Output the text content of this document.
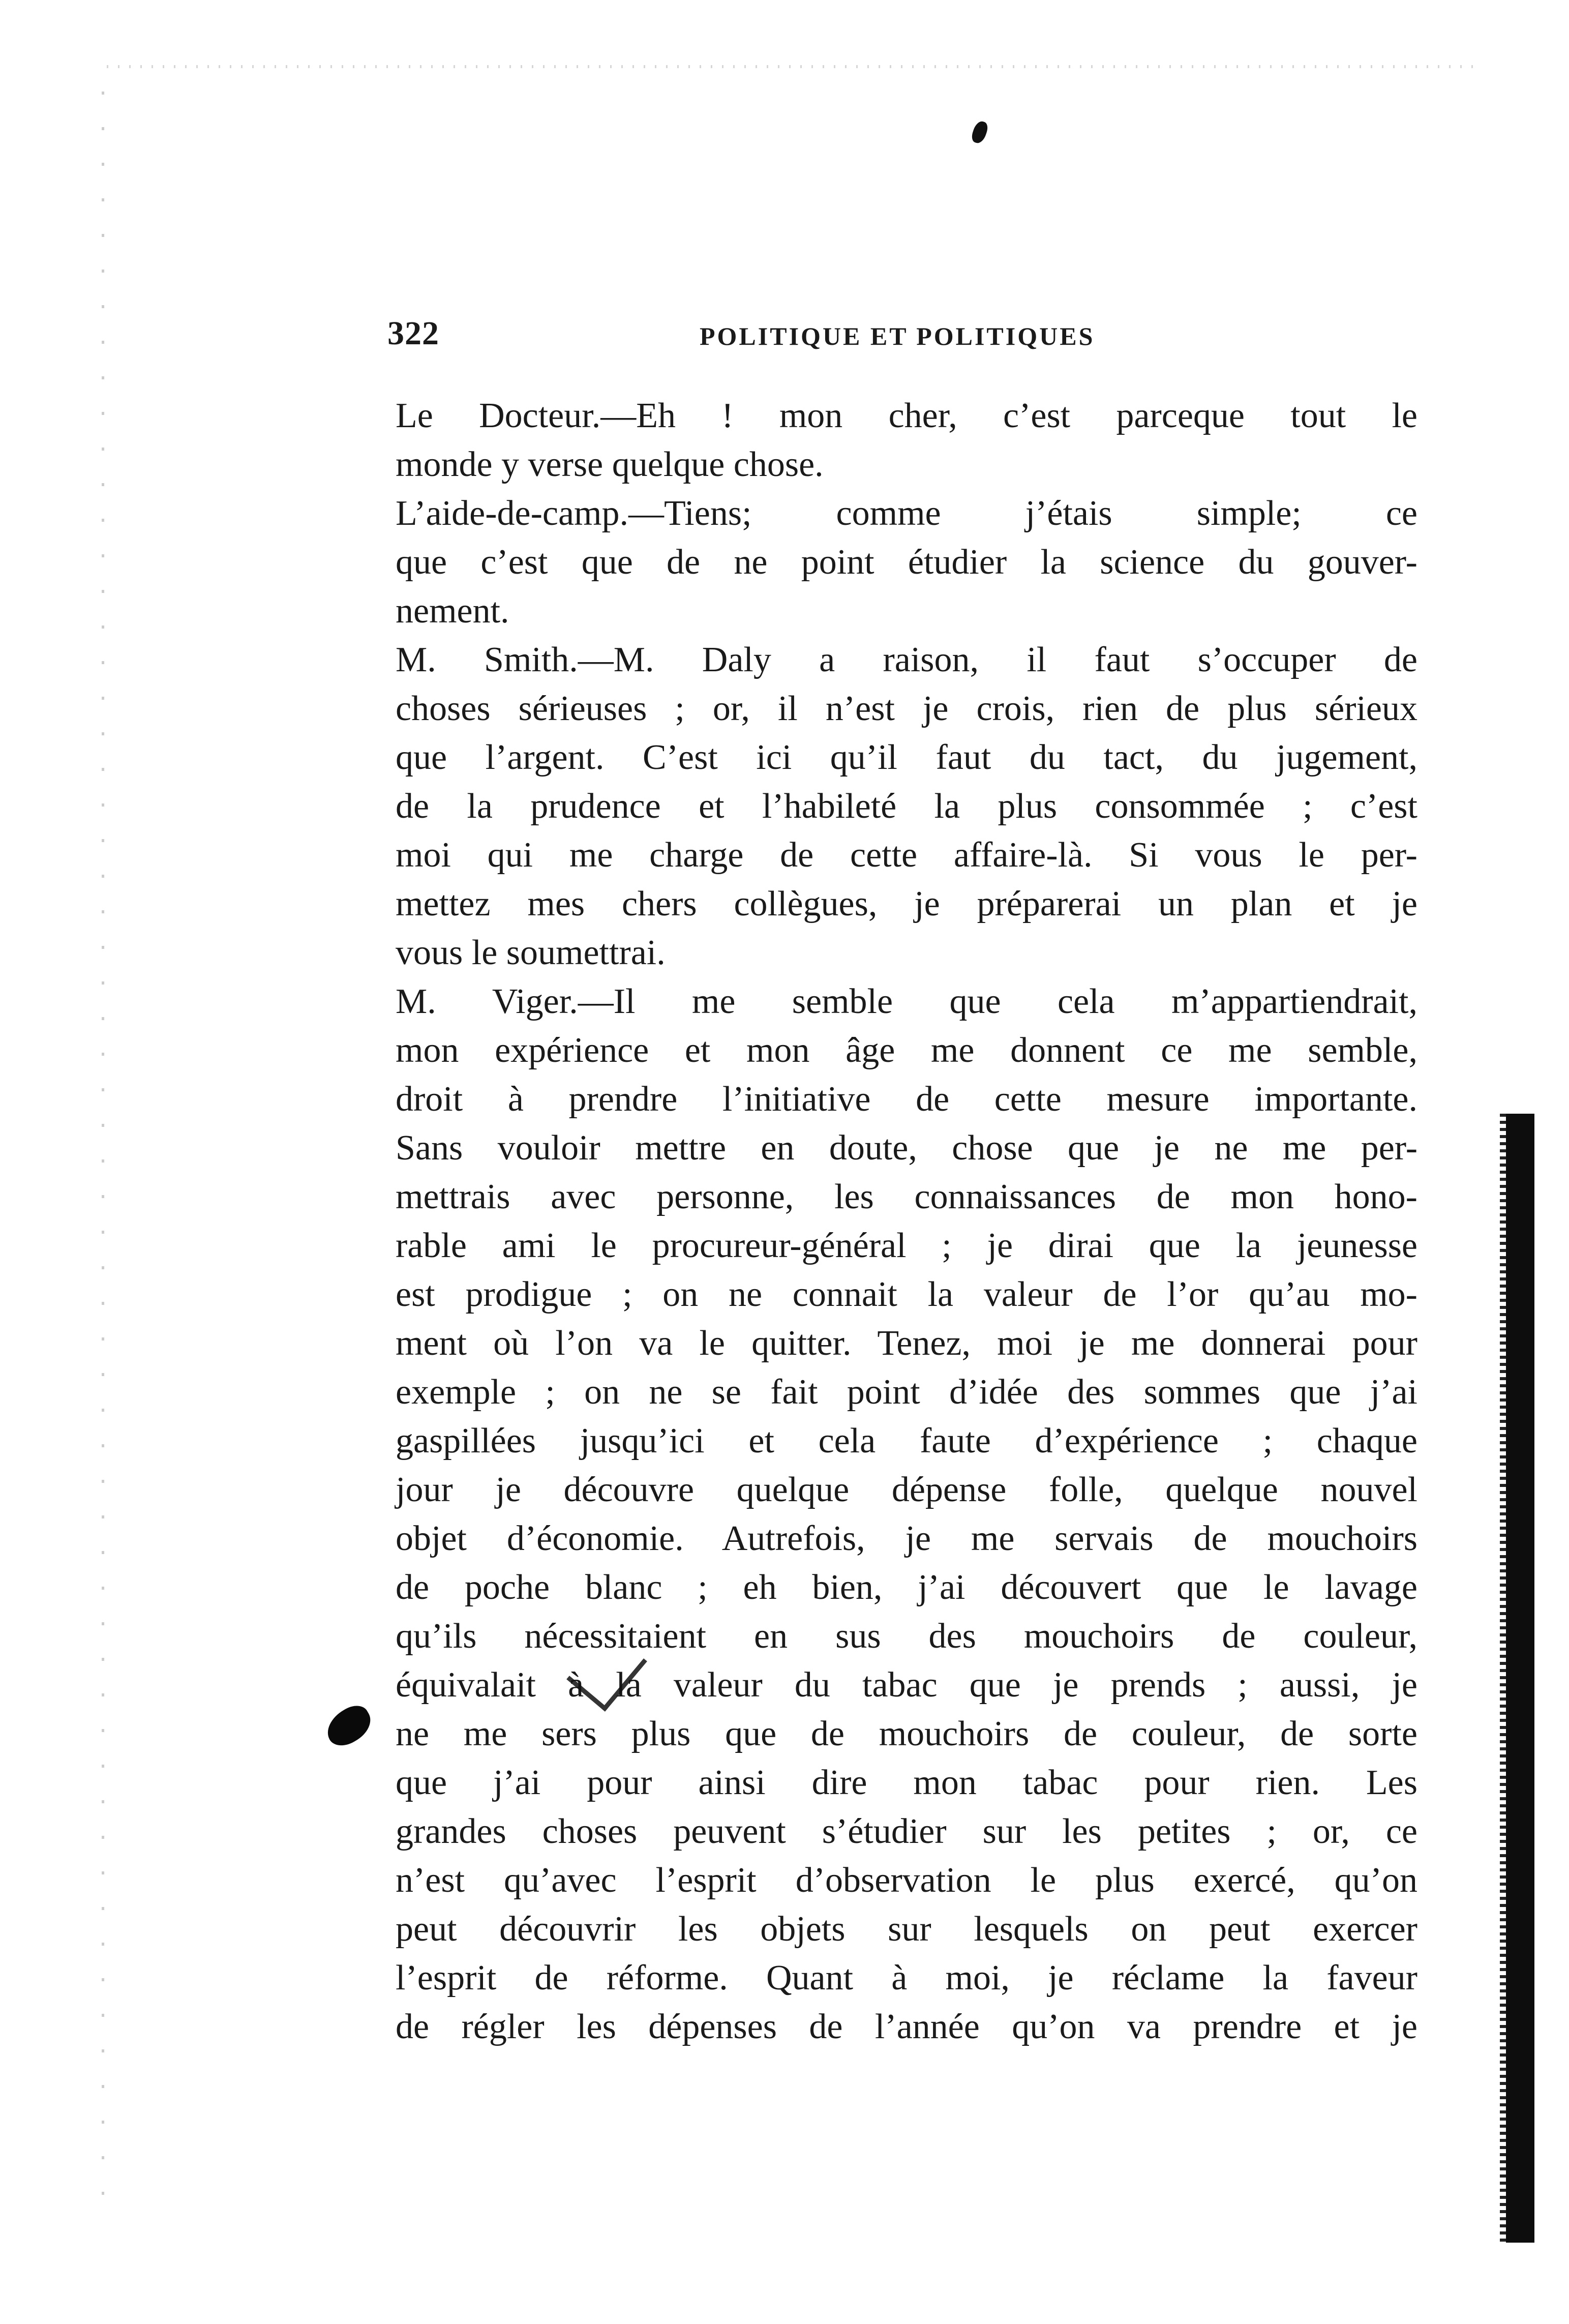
322	POLITIQUE ET POLITIQUES
Le Docteur.—Eh ! mon cher, c’est parceque tout le
monde y verse quelque chose.
L’aide-de-camp.—Tiens; comme j’étais simple; ce
que c’est que de ne point étudier la science du gouver-
nement.
M. Smith.—M. Daly a raison, il faut s’occuper de
choses sérieuses ; or, il n’est je crois, rien de plus sérieux
que l’argent. C’est ici qu’il faut du tact, du jugement,
de la prudence et l’habileté la plus consommée ; c’est
moi qui me charge de cette affaire-là. Si vous le per-
mettez mes chers collègues, je préparerai un plan et je
vous le soumettrai.
M. Viger.—Il me semble que cela m’appartiendrait,
mon expérience et mon âge me donnent ce me semble,
droit à prendre l’initiative de cette mesure importante.
Sans vouloir mettre en doute, chose que je ne me per-
mettrais avec personne, les connaissances de mon hono-
rable ami le procureur-général ; je dirai que la jeunesse
est prodigue ; on ne connait la valeur de l’or qu’au mo-
ment où l’on va le quitter. Tenez, moi je me donnerai pour
exemple ; on ne se fait point d’idée des sommes que j’ai
gaspillées jusqu’ici et cela faute d’expérience ; chaque
jour je découvre quelque dépense folle, quelque nouvel
objet d’économie. Autrefois, je me servais de mouchoirs
de poche blanc ; eh bien, j’ai découvert que le lavage
qu’ils nécessitaient en sus des mouchoirs de couleur,
équivalait à la valeur du tabac que je prends ; aussi, je
ne me sers plus que de mouchoirs de couleur, de sorte
que j’ai pour ainsi dire mon tabac pour rien. Les
grandes choses peuvent s’étudier sur les petites ; or, ce
n’est qu’avec l’esprit d’observation le plus exercé, qu’on
peut découvrir les objets sur lesquels on peut exercer
l’esprit de réforme. Quant à moi, je réclame la faveur
de régler les dépenses de l’année qu’on va prendre et je
